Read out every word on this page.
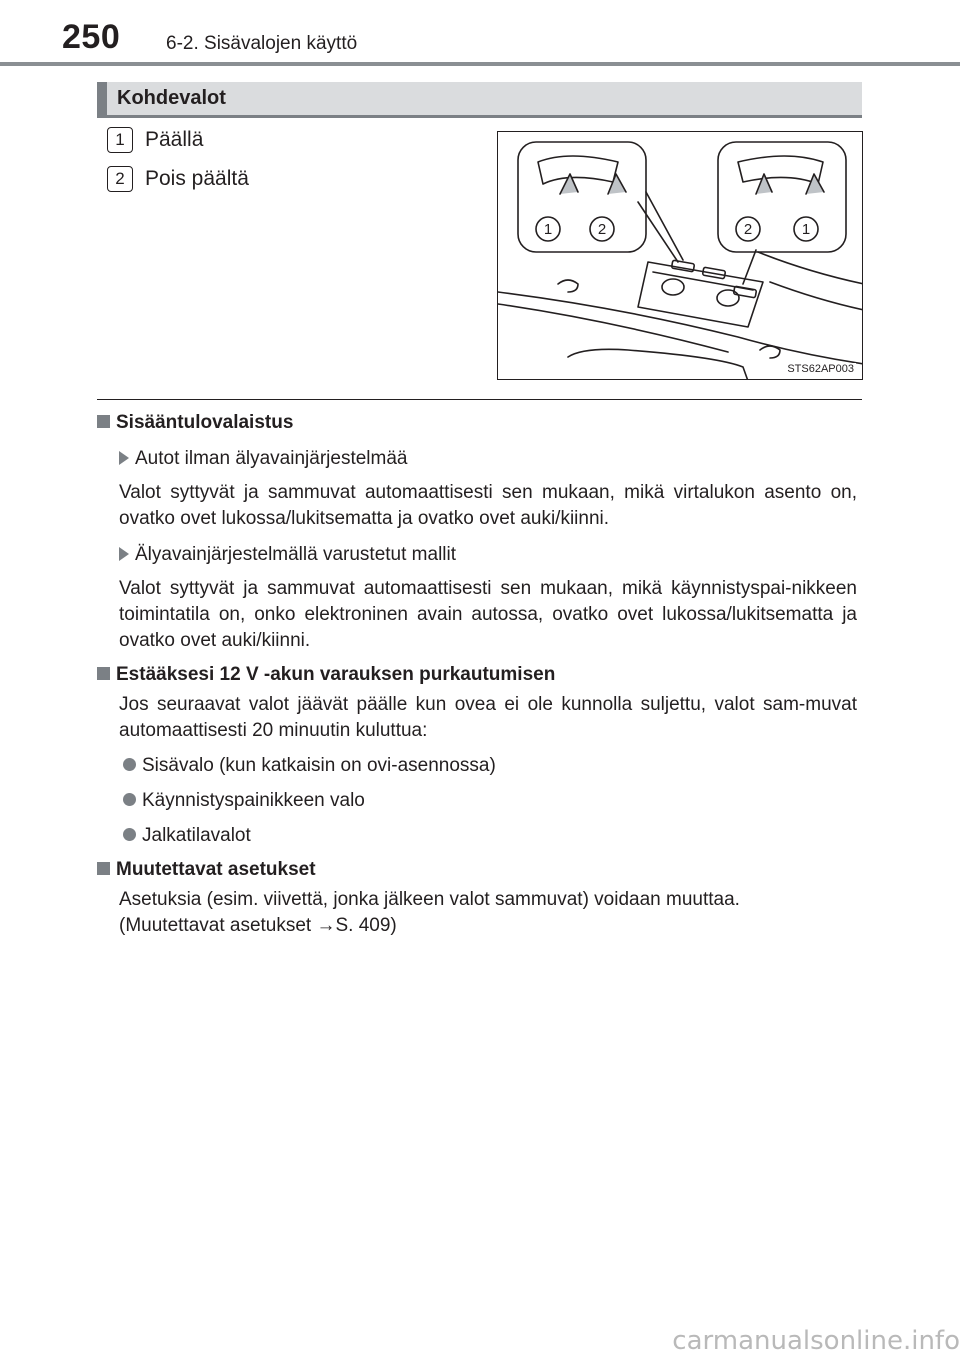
250 6-2. Sisävalojen käyttö
Kohdevalot
1 Päällä
2 Pois päältä
1	2	2	1
STS62AP003
Sisääntulovalaistus
Autot ilman älyavainjärjestelmää
Valot syttyvät ja sammuvat automaattisesti sen mukaan, mikä virtalukon asento on, ovatko ovet lukossa/lukitsematta ja ovatko ovet auki/kiinni.
Älyavainjärjestelmällä varustetut mallit
Valot syttyvät ja sammuvat automaattisesti sen mukaan, mikä käynnistyspai-nikkeen toimintatila on, onko elektroninen avain autossa, ovatko ovet lukossa/lukitsematta ja ovatko ovet auki/kiinni.
Estääksesi 12 V -akun varauksen purkautumisen
Jos seuraavat valot jäävät päälle kun ovea ei ole kunnolla suljettu, valot sam-muvat automaattisesti 20 minuutin kuluttua:
Sisävalo (kun katkaisin on ovi-asennossa)
Käynnistyspainikkeen valo
Jalkatilavalot
Muutettavat asetukset
Asetuksia (esim. viivettä, jonka jälkeen valot sammuvat) voidaan muuttaa.
(Muutettavat asetukset →S. 409)
carmanualsonline.info
